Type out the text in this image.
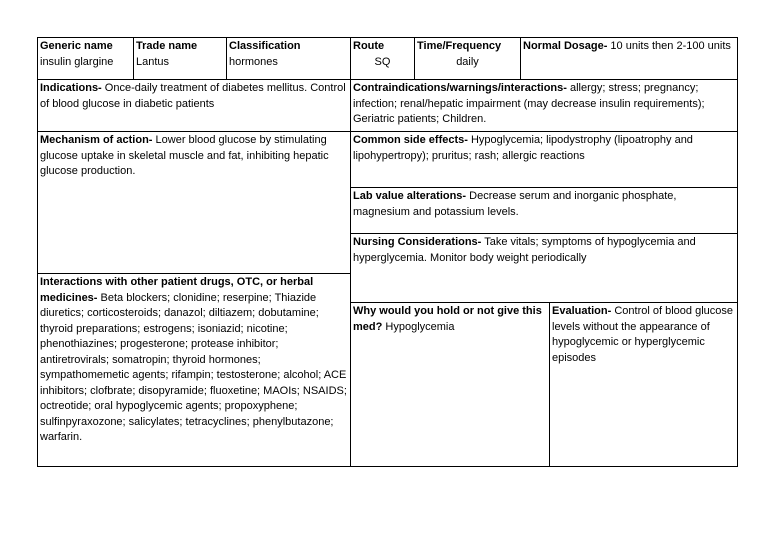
Generic name
insulin glargine
Trade name
Lantus
Classification
hormones
Route
SQ
Time/Frequency
daily
Normal Dosage- 10 units then 2-100 units
Indications- Once-daily treatment of diabetes mellitus. Control of blood glucose in diabetic patients
Contraindications/warnings/interactions- allergy; stress; pregnancy; infection; renal/hepatic impairment (may decrease insulin requirements); Geriatric patients; Children.
Mechanism of action- Lower blood glucose by stimulating glucose uptake in skeletal muscle and fat, inhibiting hepatic glucose production.
Interactions with other patient drugs, OTC, or herbal medicines- Beta blockers; clonidine; reserpine; Thiazide diuretics; corticosteroids; danazol; diltiazem; dobutamine; thyroid preparations; estrogens; isoniazid; nicotine; phenothiazines; progesterone; protease inhibitor; antiretrovirals; somatropin; thyroid hormones; sympathomemetic agents; rifampin; testosterone; alcohol; ACE inhibitors; clofbrate; disopyramide; fluoxetine; MAOIs; NSAIDS; octreotide; oral hypoglycemic agents; propoxyphene; sulfinpyraxozone; salicylates; tetracyclines; phenylbutazone; warfarin.
Common side effects- Hypoglycemia; lipodystrophy (lipoatrophy and lipohypertropy); pruritus; rash; allergic reactions
Lab value alterations- Decrease serum and inorganic phosphate, magnesium and potassium levels.
Nursing Considerations- Take vitals; symptoms of hypoglycemia and hyperglycemia. Monitor body weight periodically
Why would you hold or not give this med? Hypoglycemia
Evaluation- Control of blood glucose levels without the appearance of hypoglycemic or hyperglycemic episodes
